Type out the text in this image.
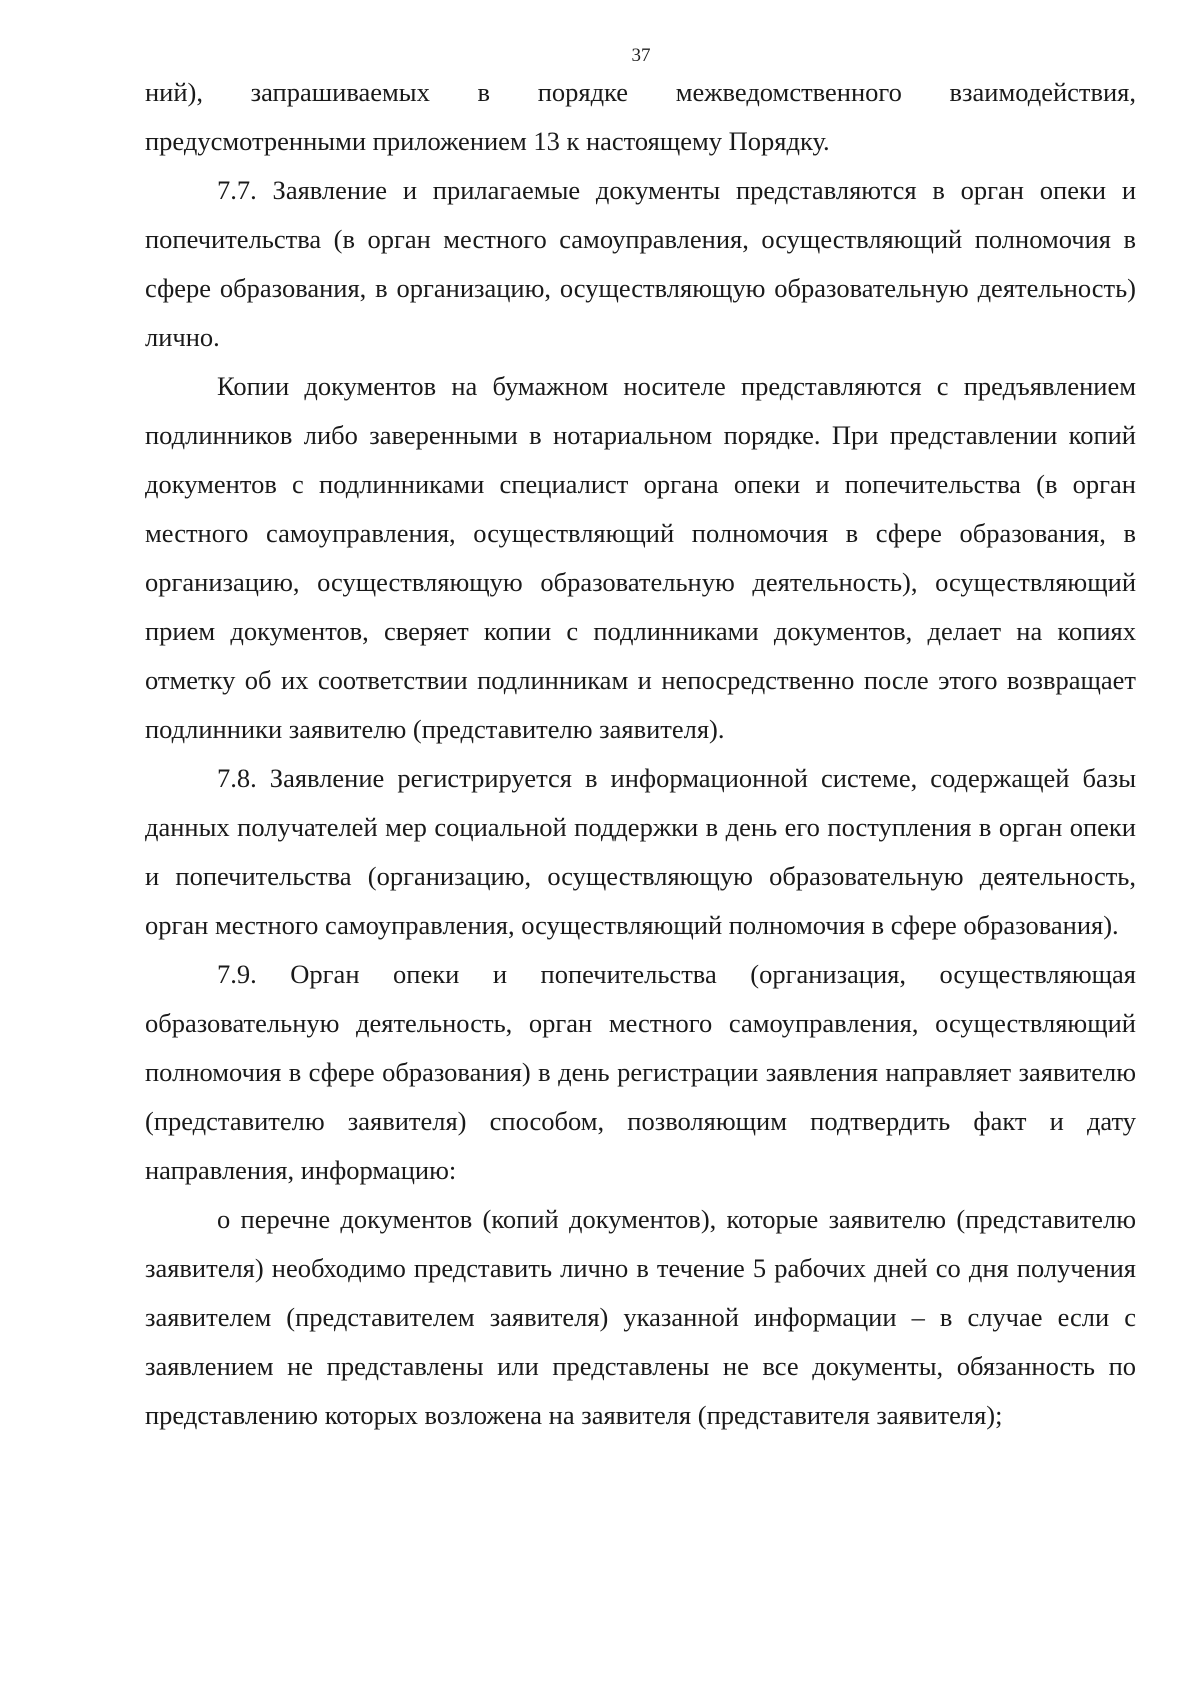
37

ний), запрашиваемых в порядке межведомственного взаимодействия, предусмотренными приложением 13 к настоящему Порядку.

7.7. Заявление и прилагаемые документы представляются в орган опеки и попечительства (в орган местного самоуправления, осуществляющий полномочия в сфере образования, в организацию, осуществляющую образовательную деятельность) лично.

Копии документов на бумажном носителе представляются с предъявлением подлинников либо заверенными в нотариальном порядке. При представлении копий документов с подлинниками специалист органа опеки и попечительства (в орган местного самоуправления, осуществляющий полномочия в сфере образования, в организацию, осуществляющую образовательную деятельность), осуществляющий прием документов, сверяет копии с подлинниками документов, делает на копиях отметку об их соответствии подлинникам и непосредственно после этого возвращает подлинники заявителю (представителю заявителя).

7.8. Заявление регистрируется в информационной системе, содержащей базы данных получателей мер социальной поддержки в день его поступления в орган опеки и попечительства (организацию, осуществляющую образовательную деятельность, орган местного самоуправления, осуществляющий полномочия в сфере образования).

7.9. Орган опеки и попечительства (организация, осуществляющая образовательную деятельность, орган местного самоуправления, осуществляющий полномочия в сфере образования) в день регистрации заявления направляет заявителю (представителю заявителя) способом, позволяющим подтвердить факт и дату направления, информацию:

о перечне документов (копий документов), которые заявителю (представителю заявителя) необходимо представить лично в течение 5 рабочих дней со дня получения заявителем (представителем заявителя) указанной информации – в случае если с заявлением не представлены или представлены не все документы, обязанность по представлению которых возложена на заявителя (представителя заявителя);
